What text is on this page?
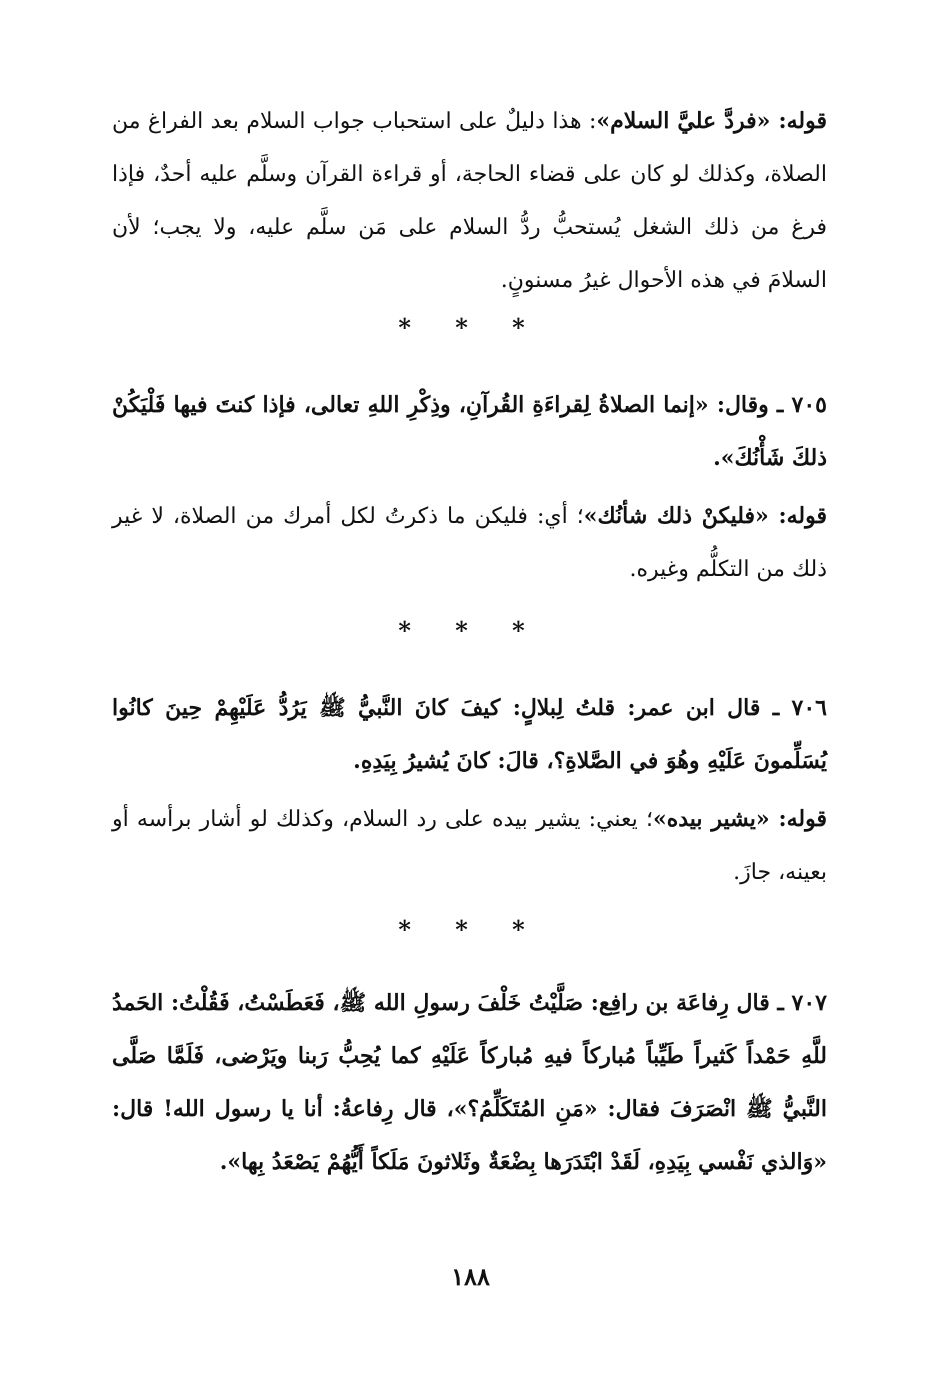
قوله: «فردَّ عليَّ السلام»: هذا دليلٌ على استحباب جواب السلام بعد الفراغ من الصلاة، وكذلك لو كان على قضاء الحاجة، أو قراءة القرآن وسلَّم عليه أحدٌ، فإذا فرغ من ذلك الشغل يُستحبُّ ردُّ السلام على مَن سلَّم عليه، ولا يجب؛ لأن السلامَ في هذه الأحوال غيرُ مسنونٍ.

* * *

٧٠٥ ـ وقال: «إنما الصلاةُ لِقراءَةِ القُرآنِ، وذِكْرِ اللهِ تعالى، فإذا كنتَ فيها فَلْيَكُنْ ذلكَ شَأْنُكَ».

قوله: «فليكنْ ذلك شأنُك»؛ أي: فليكن ما ذكرتُ لكل أمرك من الصلاة، لا غير ذلك من التكلُّم وغيره.

* * *

٧٠٦ ـ قال ابن عمر: قلتُ لِبلالٍ: كيفَ كانَ النَّبيُّ ﷺ يَرُدُّ عَلَيْهِمْ حِينَ كانُوا يُسَلِّمونَ عَلَيْهِ وهُوَ في الصَّلاةِ؟، قالَ: كانَ يُشيرُ بِيَدِهِ.

قوله: «يشير بيده»؛ يعني: يشير بيده على رد السلام، وكذلك لو أشار برأسه أو بعينه، جازَ.

* * *

٧٠٧ ـ قال رِفاعَة بن رافِع: صَلَّيْتُ خَلْفَ رسولِ الله ﷺ، فَعَطَسْتُ، فَقُلْتُ: الحَمدُ للَّهِ حَمْداً كَثيراً طَيِّباً مُباركاً فيهِ مُباركاً عَلَيْهِ كما يُحِبُّ رَبنا ويَرْضى، فَلَمَّا صَلَّى النَّبيُّ ﷺ انْصَرَفَ فقال: «مَنِ المُتَكَلِّمُ؟»، قال رِفاعةُ: أنا يا رسول الله! قال: «وَالذي نَفْسي بِيَدِهِ، لَقَدْ ابْتَدَرَها بِضْعَةٌ وثَلاثونَ مَلَكاً أَيُّهُمْ يَصْعَدُ بِها».

١٨٨
